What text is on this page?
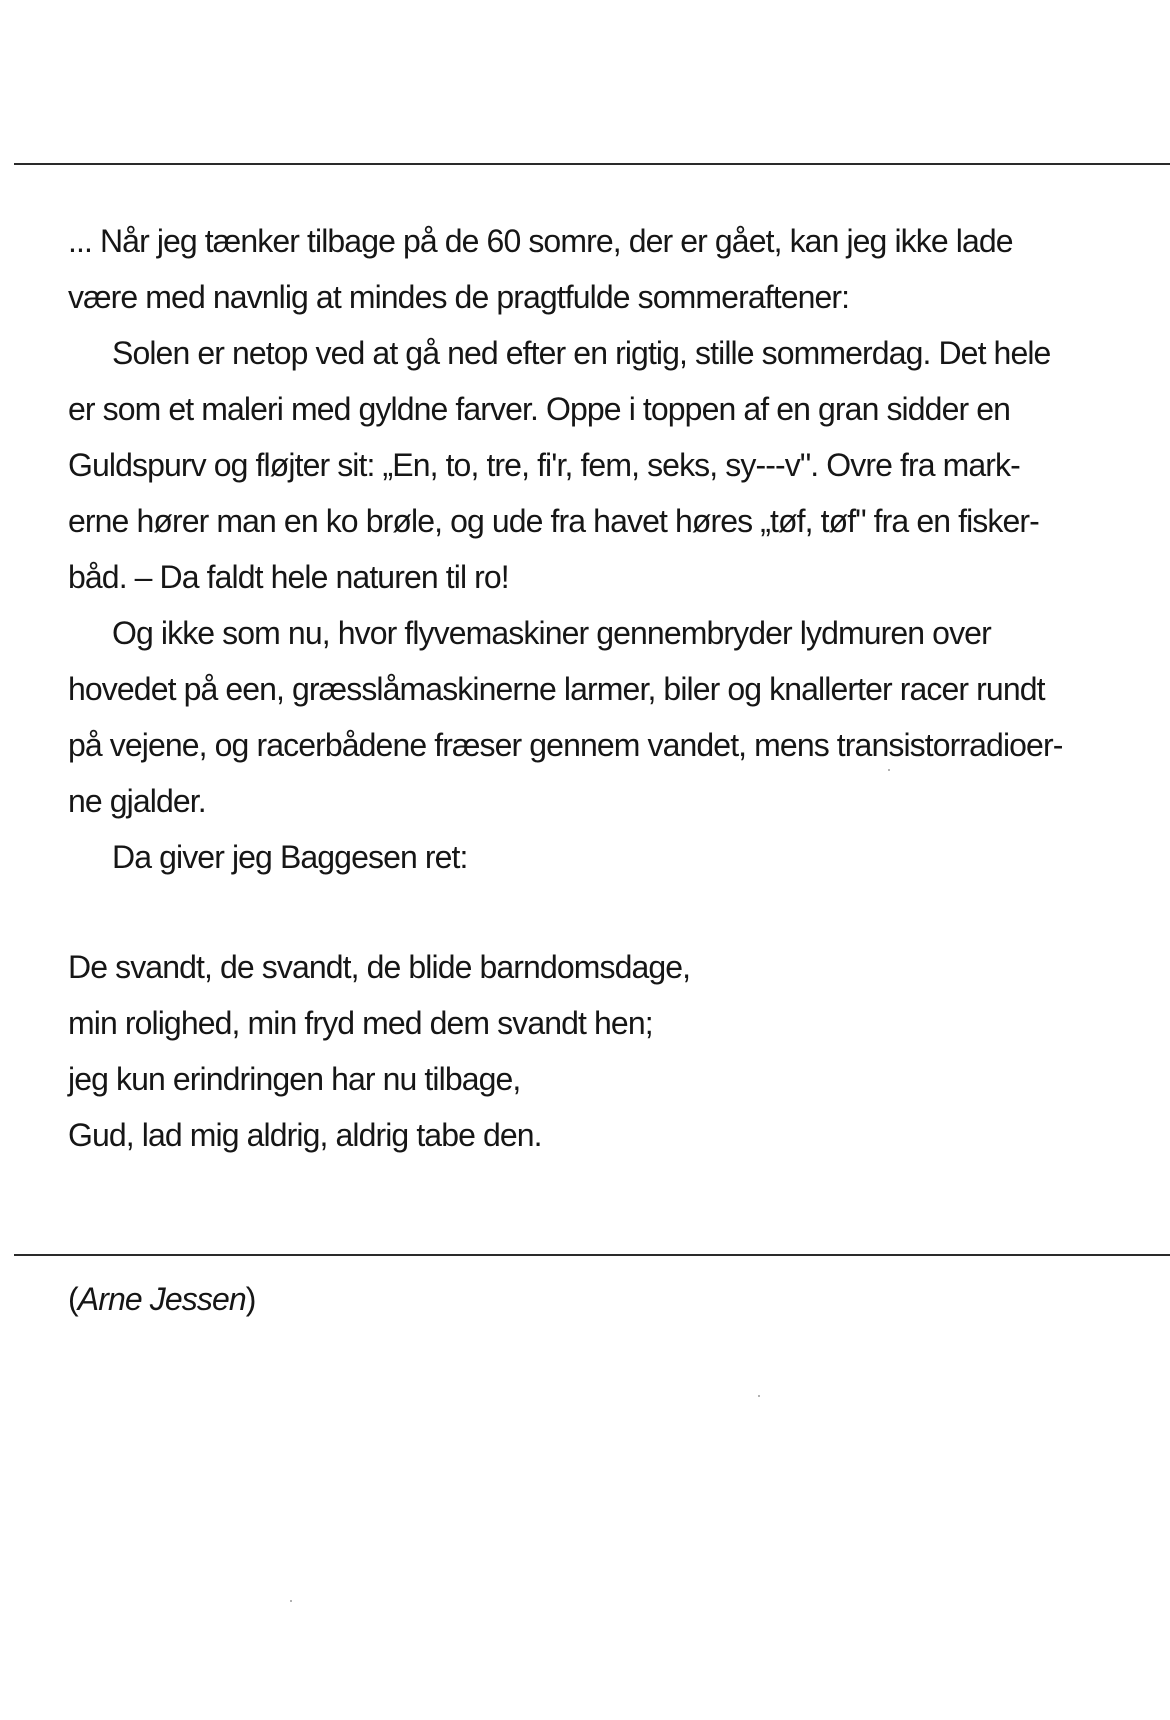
... Når jeg tænker tilbage på de 60 somre, der er gået, kan jeg ikke lade
være med navnlig at mindes de pragtfulde sommeraftener:
Solen er netop ved at gå ned efter en rigtig, stille sommerdag. Det hele
er som et maleri med gyldne farver. Oppe i toppen af en gran sidder en
Guldspurv og fløjter sit: „En, to, tre, fi'r, fem, seks, sy---v". Ovre fra mark-
erne hører man en ko brøle, og ude fra havet høres „tøf, tøf" fra en fisker-
båd. – Da faldt hele naturen til ro!
Og ikke som nu, hvor flyvemaskiner gennembryder lydmuren over
hovedet på een, græsslåmaskinerne larmer, biler og knallerter racer rundt
på vejene, og racerbådene fræser gennem vandet, mens transistorradioer-
ne gjalder.
Da giver jeg Baggesen ret:
De svandt, de svandt, de blide barndomsdage,
min rolighed, min fryd med dem svandt hen;
jeg kun erindringen har nu tilbage,
Gud, lad mig aldrig, aldrig tabe den.
(Arne Jessen)
